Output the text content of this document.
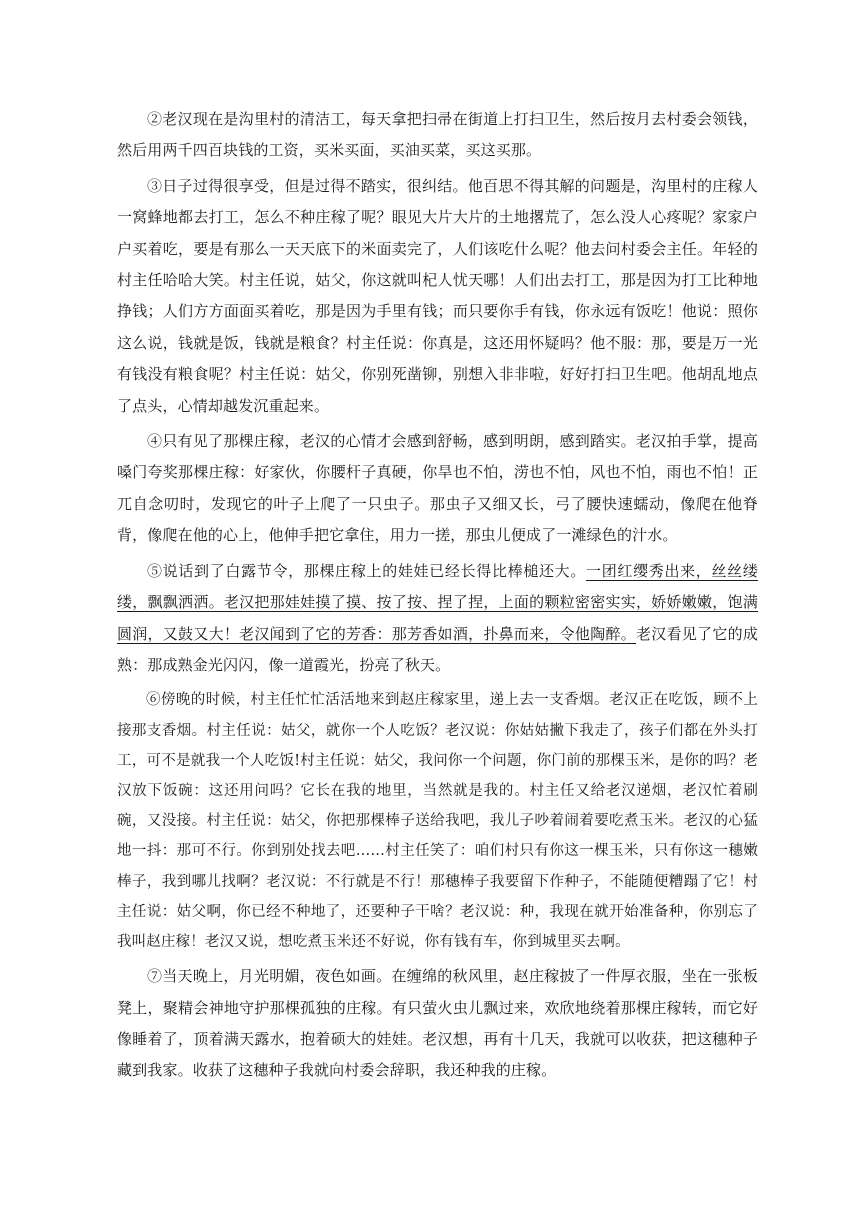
②老汉现在是沟里村的清洁工，每天拿把扫帚在街道上打扫卫生，然后按月去村委会领钱，然后用两千四百块钱的工资，买米买面，买油买菜，买这买那。

③日子过得很享受，但是过得不踏实，很纠结。他百思不得其解的问题是，沟里村的庄稼人一窝蜂地都去打工，怎么不种庄稼了呢？眼见大片大片的土地撂荒了，怎么没人心疼呢？家家户户买着吃，要是有那么一天天底下的米面卖完了，人们该吃什么呢？他去问村委会主任。年轻的村主任哈哈大笑。村主任说，姑父，你这就叫杞人忧天哪！人们出去打工，那是因为打工比种地挣钱；人们方方面面买着吃，那是因为手里有钱；而只要你手有钱，你永远有饭吃！他说：照你这么说，钱就是饭，钱就是粮食？村主任说：你真是，这还用怀疑吗？他不服：那，要是万一光有钱没有粮食呢？村主任说：姑父，你别死凿铆，别想入非非啦，好好打扫卫生吧。他胡乱地点了点头，心情却越发沉重起来。

④只有见了那棵庄稼，老汉的心情才会感到舒畅，感到明朗，感到踏实。老汉拍手掌，提高嗓门夸奖那棵庄稼：好家伙，你腰杆子真硬，你旱也不怕，涝也不怕，风也不怕，雨也不怕！正兀自念叨时，发现它的叶子上爬了一只虫子。那虫子又细又长，弓了腰快速蠕动，像爬在他脊背，像爬在他的心上，他伸手把它拿住，用力一搓，那虫儿便成了一滩绿色的汁水。

⑤说话到了白露节令，那棵庄稼上的娃娃已经长得比棒槌还大。一团红缨秀出来，丝丝缕缕，飘飘洒洒。老汉把那娃娃摸了摸、按了按、捏了捏，上面的颗粒密密实实，娇娇嫩嫩，饱满圆润，又鼓又大！老汉闻到了它的芳香：那芳香如酒，扑鼻而来，令他陶醉。老汉看见了它的成熟：那成熟金光闪闪，像一道霞光，扮亮了秋天。

⑥傍晚的时候，村主任忙忙活活地来到赵庄稼家里，递上去一支香烟。老汉正在吃饭，顾不上接那支香烟。村主任说：姑父，就你一个人吃饭？老汉说：你姑姑撇下我走了，孩子们都在外头打工，可不是就我一个人吃饭!村主任说：姑父，我问你一个问题，你门前的那棵玉米，是你的吗？老汉放下饭碗：这还用问吗？它长在我的地里，当然就是我的。村主任又给老汉递烟，老汉忙着刷碗，又没接。村主任说：姑父，你把那棵棒子送给我吧，我儿子吵着闹着要吃煮玉米。老汉的心猛地一抖：那可不行。你到别处找去吧……村主任笑了：咱们村只有你这一棵玉米，只有你这一穗嫩棒子，我到哪儿找啊？老汉说：不行就是不行！那穗棒子我要留下作种子，不能随便糟蹋了它！村主任说：姑父啊，你已经不种地了，还要种子干啥？老汉说：种，我现在就开始准备种，你别忘了我叫赵庄稼！老汉又说，想吃煮玉米还不好说，你有钱有车，你到城里买去啊。

⑦当天晚上，月光明媚，夜色如画。在缠绵的秋风里，赵庄稼披了一件厚衣服，坐在一张板凳上，聚精会神地守护那棵孤独的庄稼。有只萤火虫儿飘过来，欢欣地绕着那棵庄稼转，而它好像睡着了，顶着满天露水，抱着硕大的娃娃。老汉想，再有十几天，我就可以收获，把这穗种子藏到我家。收获了这穗种子我就向村委会辞职，我还种我的庄稼。
